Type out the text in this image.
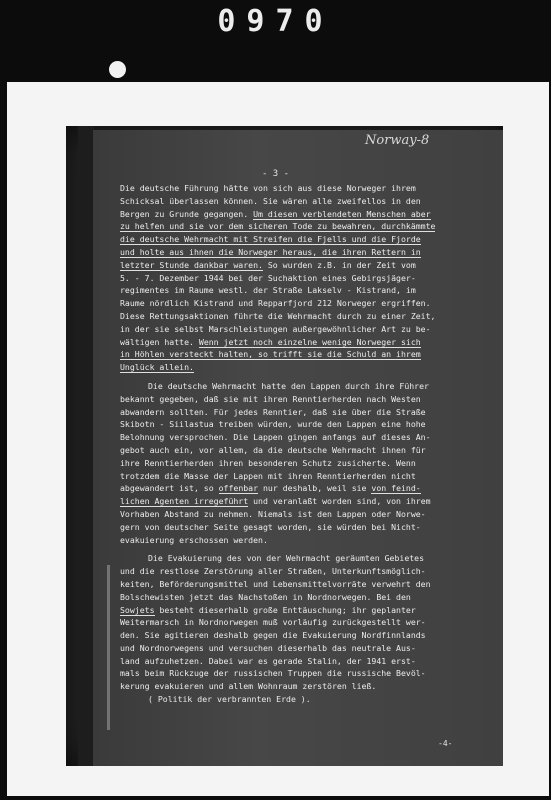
0970
Norway-8
- 3 -
Die deutsche Führung hätte von sich aus diese Norweger ihrem
Schicksal überlassen können. Sie wären alle zweifellos in den
Bergen zu Grunde gegangen. Um diesen verblendeten Menschen aber
zu helfen und sie vor dem sicheren Tode zu bewahren, durchkämmte
die deutsche Wehrmacht mit Streifen die Fjells und die Fjorde
und holte aus ihnen die Norweger heraus, die ihren Rettern in
letzter Stunde dankbar waren. So wurden z.B. in der Zeit vom
5. - 7. Dezember 1944 bei der Suchaktion eines Gebirgsjäger-
regimentes im Raume westl. der Straße Lakselv - Kistrand, im
Raume nördlich Kistrand und Repparfjord 212 Norweger ergriffen.
Diese Rettungsaktionen führte die Wehrmacht durch zu einer Zeit,
in der sie selbst Marschleistungen außergewöhnlicher Art zu be-
wältigen hatte. Wenn jetzt noch einzelne wenige Norweger sich
in Höhlen versteckt halten, so trifft sie die Schuld an ihrem
Unglück allein.
Die deutsche Wehrmacht hatte den Lappen durch ihre Führer
bekannt gegeben, daß sie mit ihren Renntierherden nach Westen
abwandern sollten. Für jedes Renntier, daß sie über die Straße
Skibotn - Siilastua treiben würden, wurde den Lappen eine hohe
Belohnung versprochen. Die Lappen gingen anfangs auf dieses An-
gebot auch ein, vor allem, da die deutsche Wehrmacht ihnen für
ihre Renntierherden ihren besonderen Schutz zusicherte. Wenn
trotzdem die Masse der Lappen mit ihren Renntierherden nicht
abgewandert ist, so offenbar nur deshalb, weil sie von feind-
lichen Agenten irregeführt und veranlaßt worden sind, von ihrem
Vorhaben Abstand zu nehmen. Niemals ist den Lappen oder Norwe-
gern von deutscher Seite gesagt worden, sie würden bei Nicht-
evakuierung erschossen werden.
Die Evakuierung des von der Wehrmacht geräumten Gebietes
und die restlose Zerstörung aller Straßen, Unterkunftsmöglich-
keiten, Beförderungsmittel und Lebensmittelvorräte verwehrt den
Bolschewisten jetzt das Nachstoßen in Nordnorwegen. Bei den
Sowjets besteht dieserhalb große Enttäuschung; ihr geplanter
Weitermarsch in Nordnorwegen muß vorläufig zurückgestellt wer-
den. Sie agitieren deshalb gegen die Evakuierung Nordfinnlands
und Nordnorwegens und versuchen dieserhalb das neutrale Aus-
land aufzuhetzen. Dabei war es gerade Stalin, der 1941 erst-
mals beim Rückzuge der russischen Truppen die russische Bevöl-
kerung evakuieren und allem Wohnraum zerstören ließ.
( Politik der verbrannten Erde ).
-4-
